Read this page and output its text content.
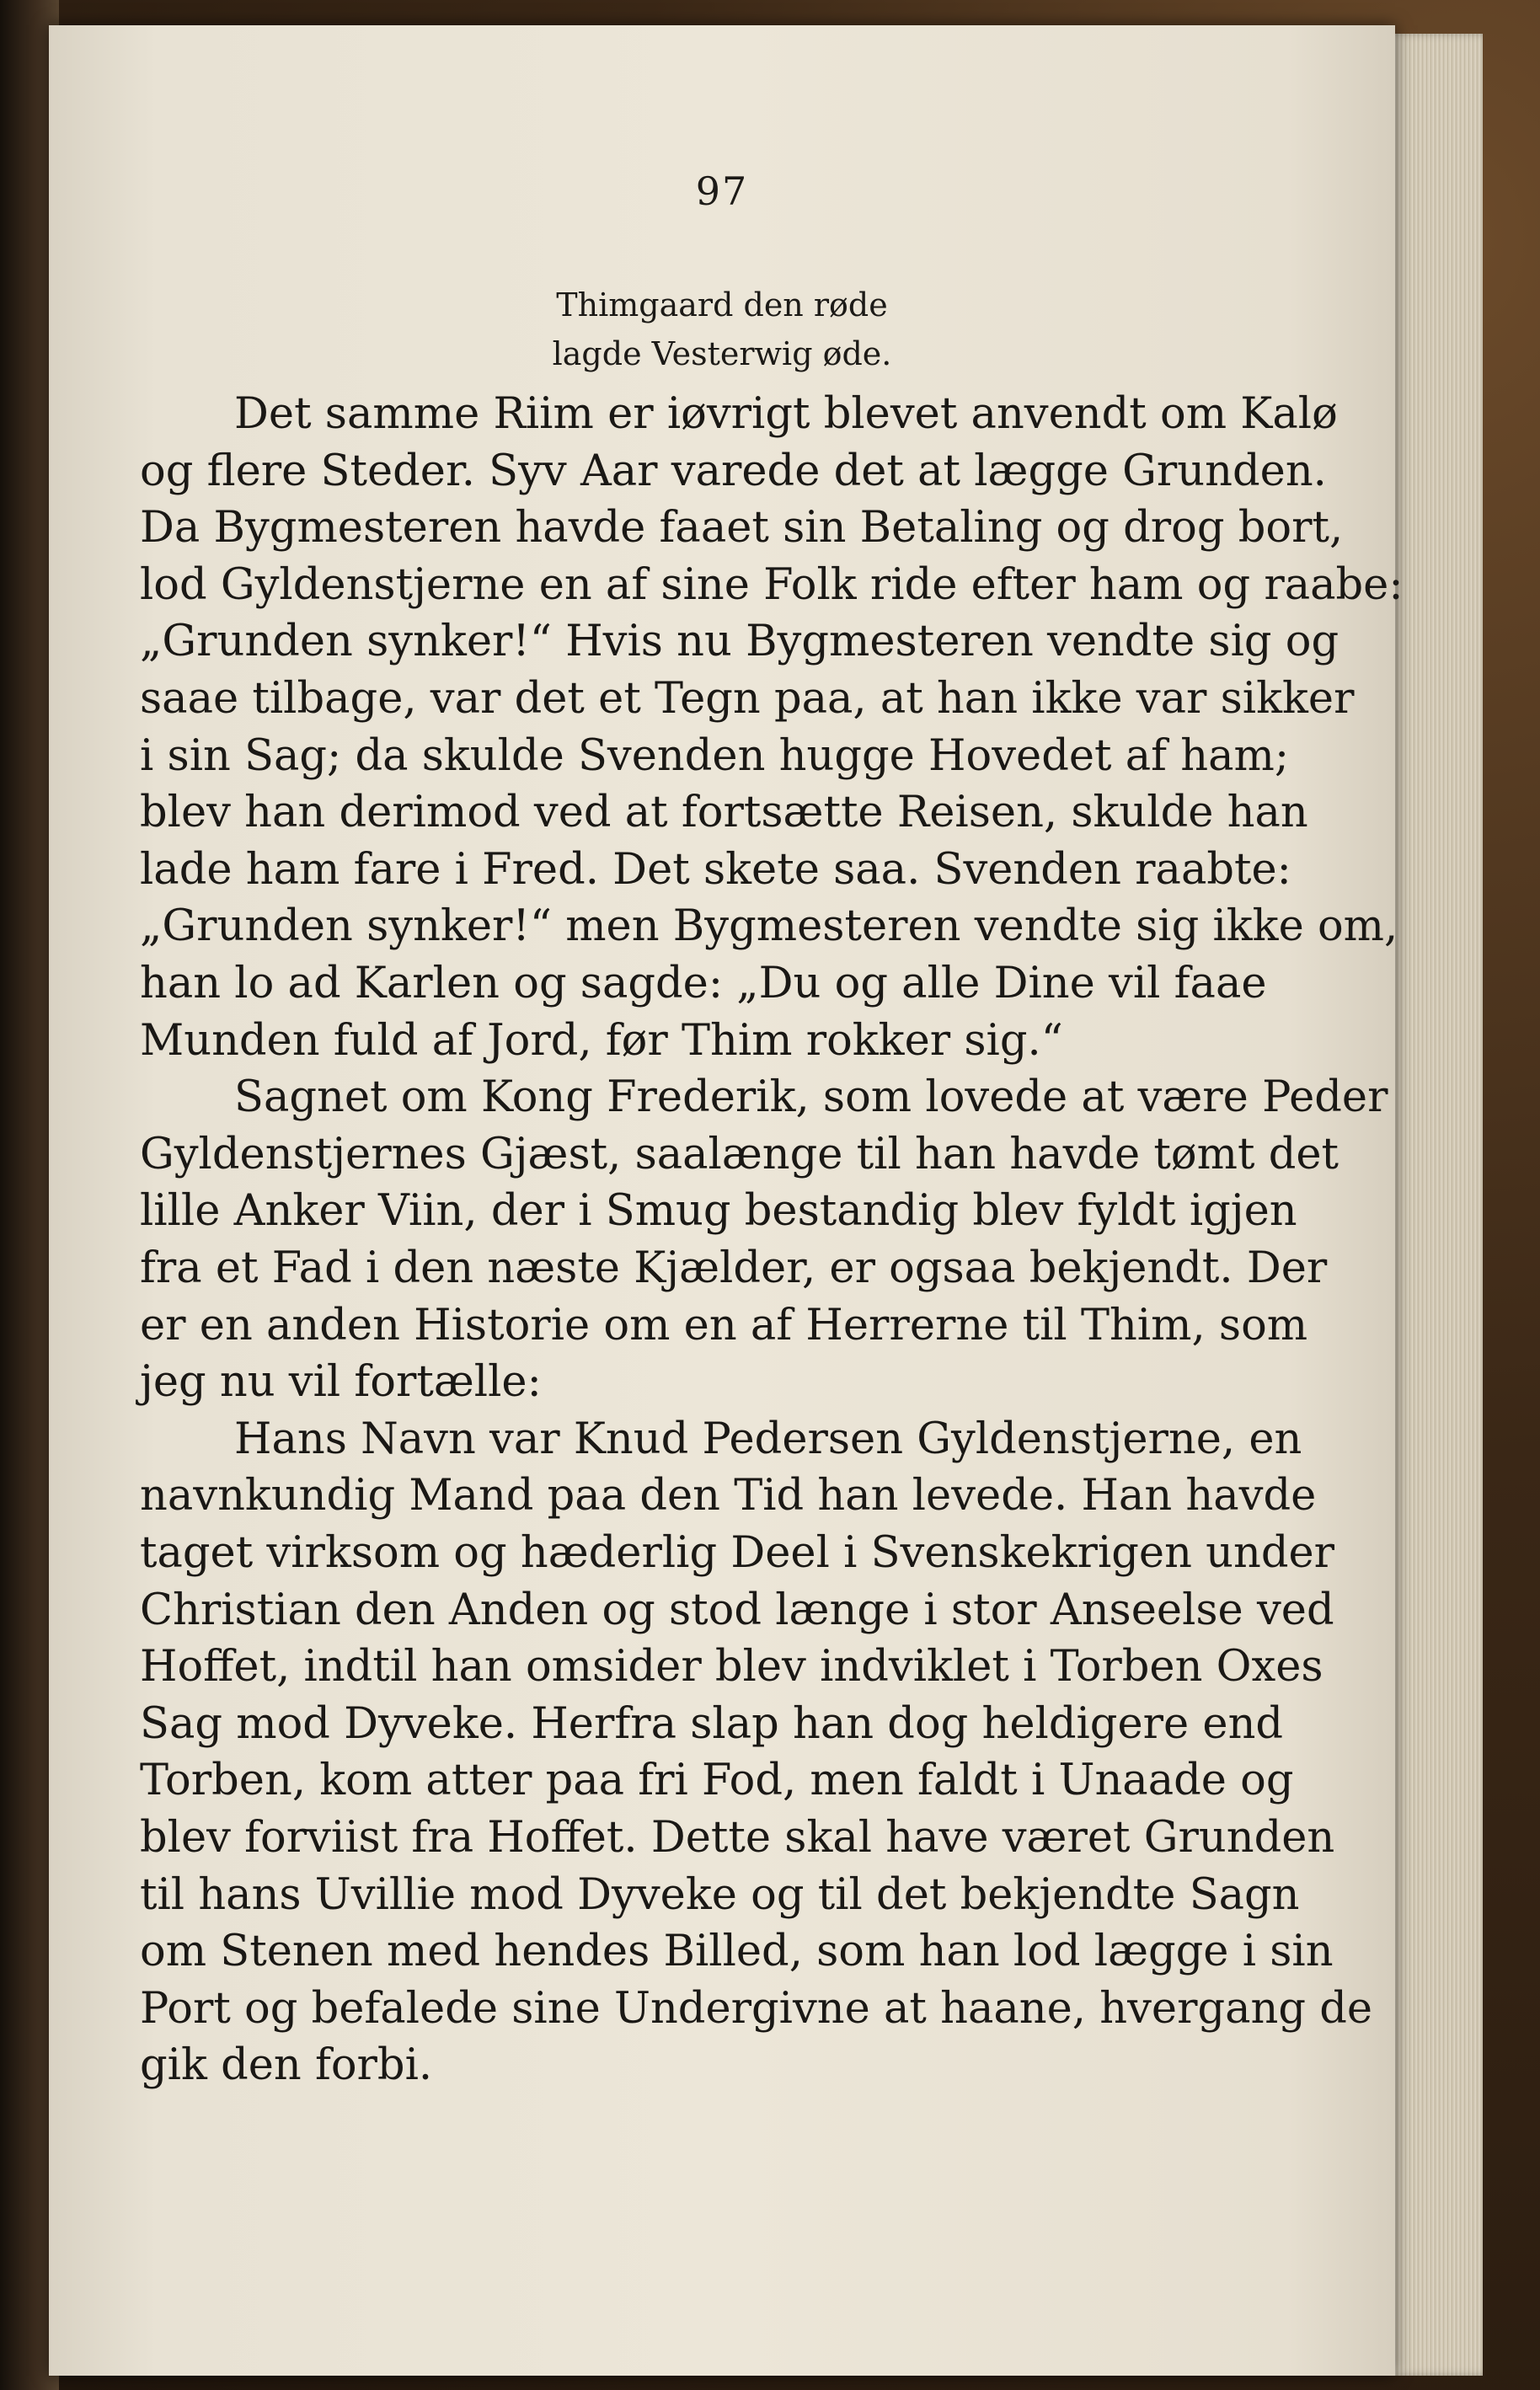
97
Thimgaard den røde
lagde Vesterwig øde.
Det samme Riim er iøvrigt blevet anvendt om Kalø
og flere Steder. Syv Aar varede det at lægge Grunden.
Da Bygmesteren havde faaet sin Betaling og drog bort,
lod Gyldenstjerne en af sine Folk ride efter ham og raabe:
„Grunden synker!“ Hvis nu Bygmesteren vendte sig og
saae tilbage, var det et Tegn paa, at han ikke var sikker
i sin Sag; da skulde Svenden hugge Hovedet af ham;
blev han derimod ved at fortsætte Reisen, skulde han
lade ham fare i Fred. Det skete saa. Svenden raabte:
„Grunden synker!“ men Bygmesteren vendte sig ikke om,
han lo ad Karlen og sagde: „Du og alle Dine vil faae
Munden fuld af Jord, før Thim rokker sig.“
Sagnet om Kong Frederik, som lovede at være Peder
Gyldenstjernes Gjæst, saalænge til han havde tømt det
lille Anker Viin, der i Smug bestandig blev fyldt igjen
fra et Fad i den næste Kjælder, er ogsaa bekjendt. Der
er en anden Historie om en af Herrerne til Thim, som
jeg nu vil fortælle:
Hans Navn var Knud Pedersen Gyldenstjerne, en
navnkundig Mand paa den Tid han levede. Han havde
taget virksom og hæderlig Deel i Svenskekrigen under
Christian den Anden og stod længe i stor Anseelse ved
Hoffet, indtil han omsider blev indviklet i Torben Oxes
Sag mod Dyveke. Herfra slap han dog heldigere end
Torben, kom atter paa fri Fod, men faldt i Unaade og
blev forviist fra Hoffet. Dette skal have været Grunden
til hans Uvillie mod Dyveke og til det bekjendte Sagn
om Stenen med hendes Billed, som han lod lægge i sin
Port og befalede sine Undergivne at haane, hvergang de
gik den forbi.
